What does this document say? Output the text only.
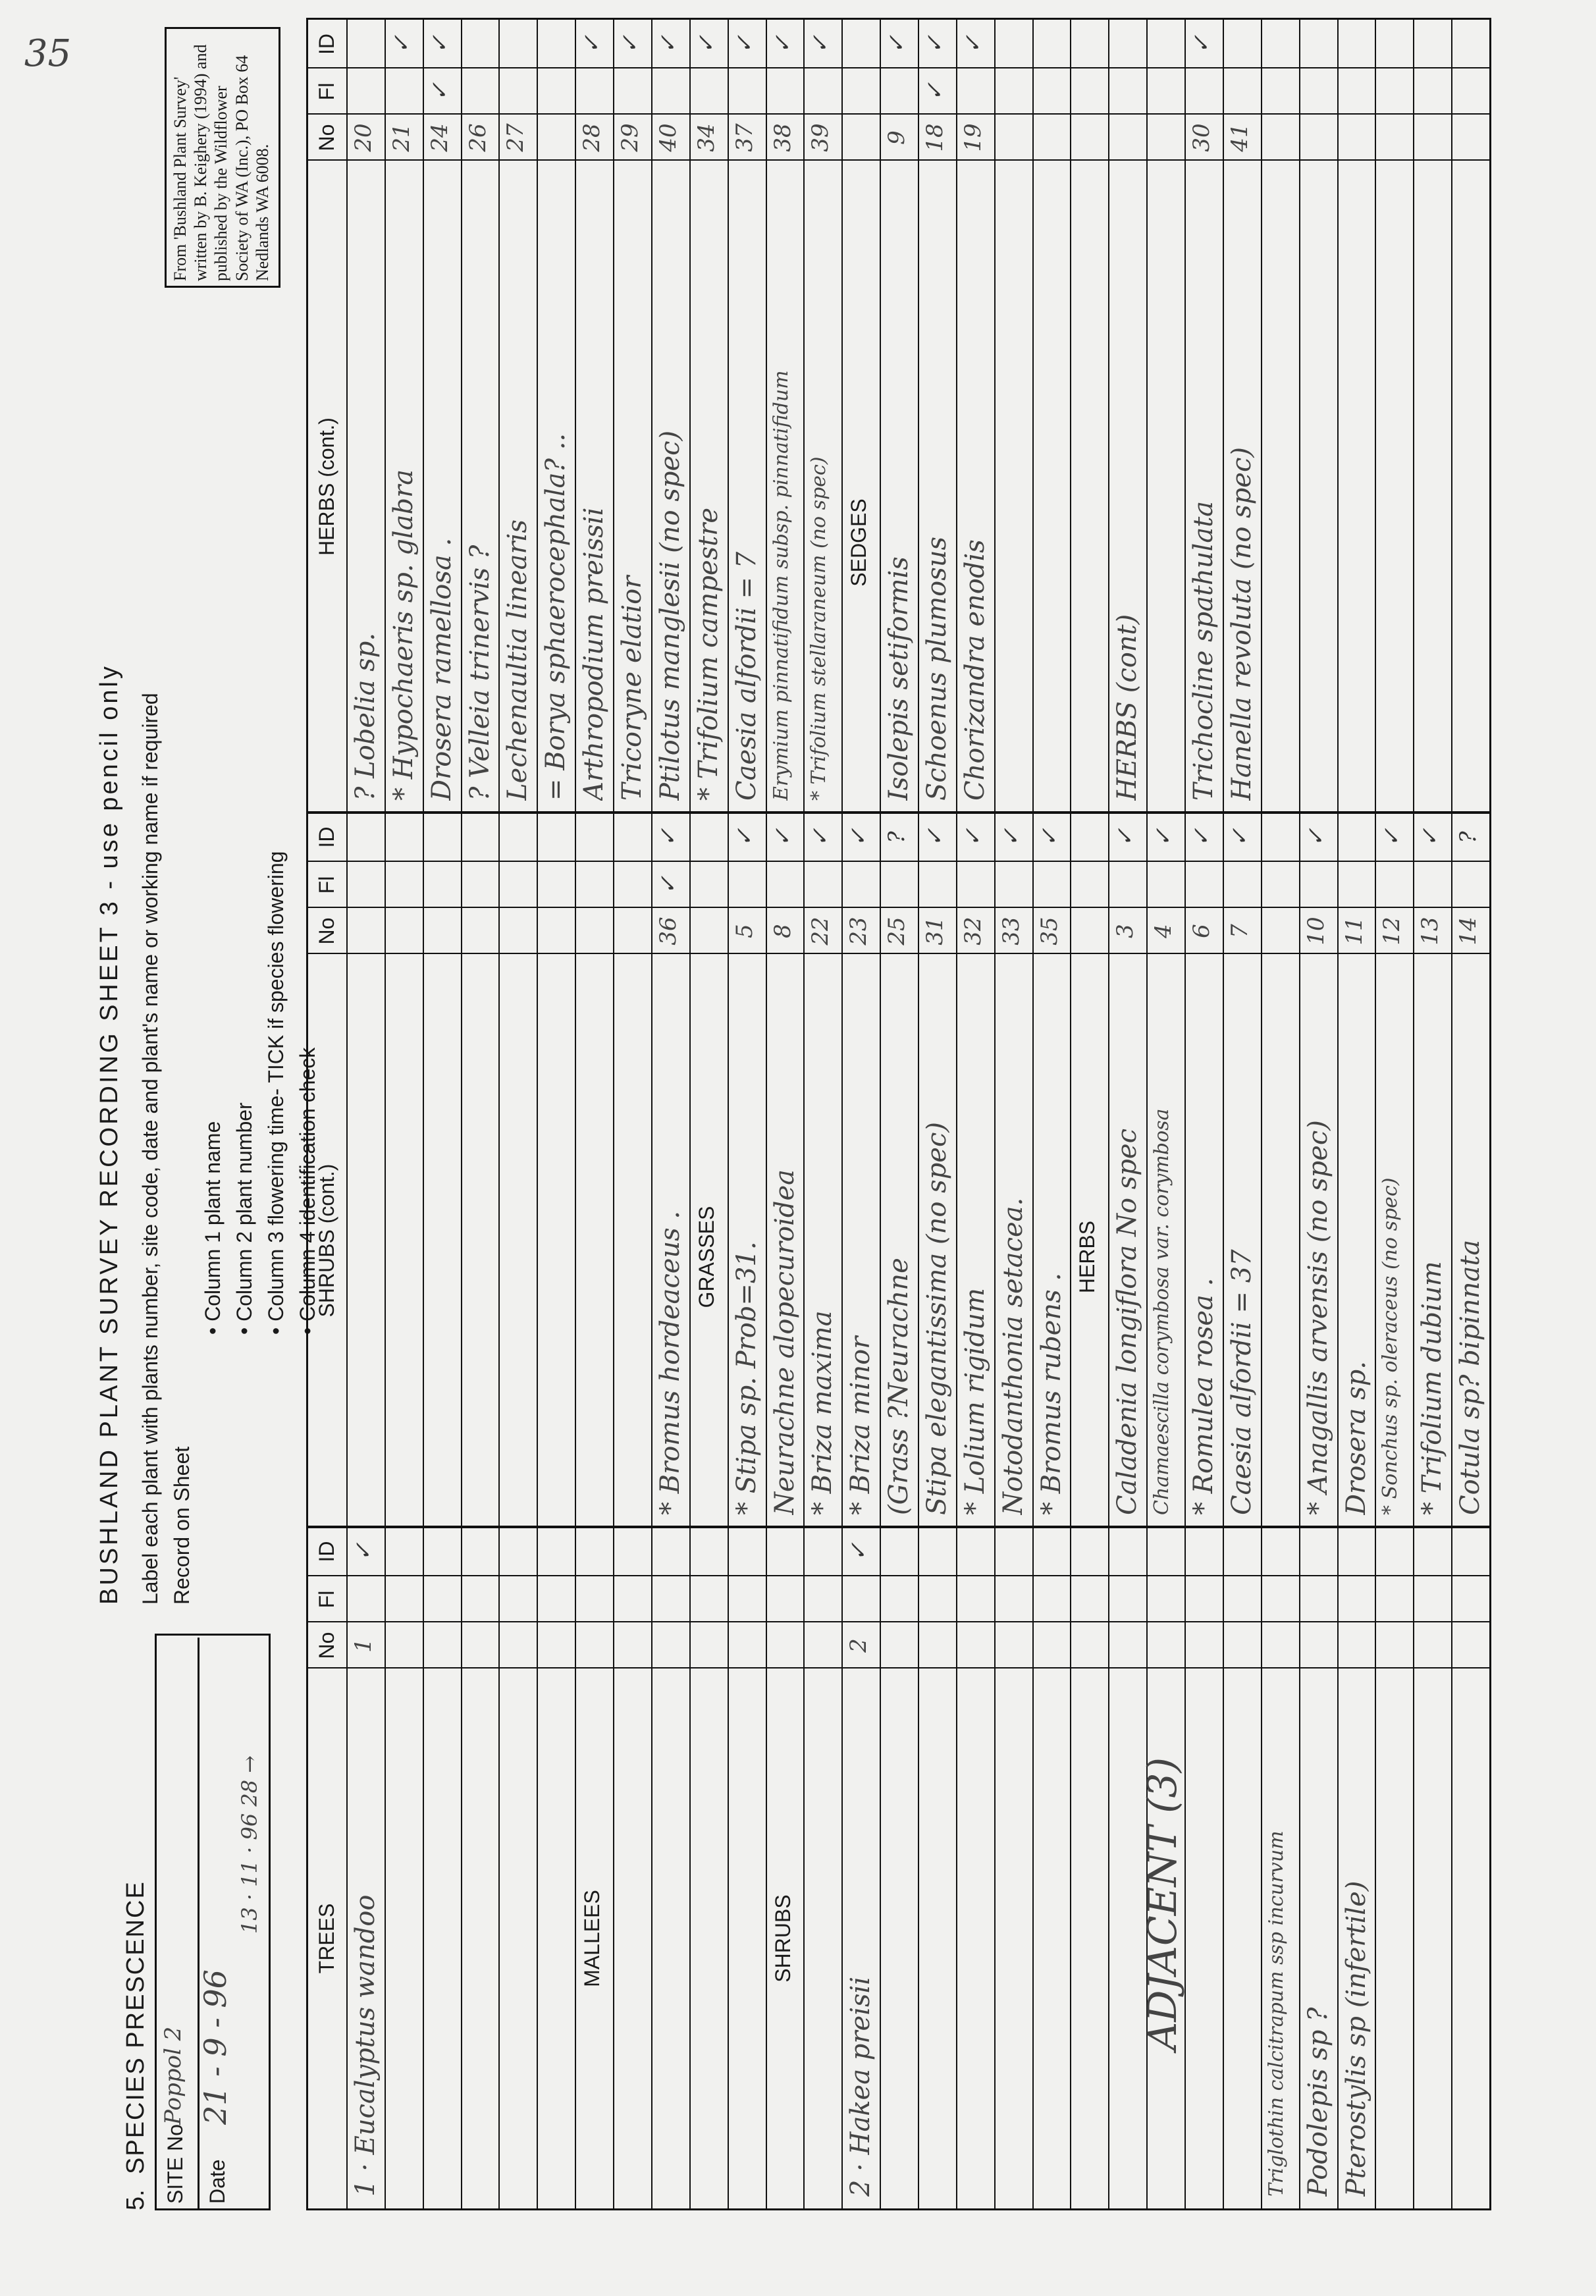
35
5.
SPECIES PRESCENCE
BUSHLAND PLANT SURVEY RECORDING SHEET 3 - use pencil only Label each plant with plants number, site code, date and plant's name or working name if required Record on Sheet
• Column 1 plant name • Column 2 plant number • Column 3 flowering time- TICK if species flowering • Column 4 identification check
SITE No
Poppol 2
Date
21 - 9 - 96
13 · 11 · 96 28 →
From 'Bushland Plant Survey' written by B. Keighery (1994) and published by the Wildflower Society of WA (Inc.), PO Box 64 Nedlands WA 6008.
TREES
No
Fl
ID
1 · Eucalyptus wandoo
1
✓
2 · Hakea preisii
2
✓
Triglothin calcitrapum ssp incurvum Podolepis sp ? Pterostylis sp (infertile)
SHRUBS (cont.)
No
Fl
ID
* Bromus hordeaceus .
36
✓
✓
* Stipa sp. Prob=31.
5
✓
Neurachne alopecuroidea
8
✓
* Briza maxima
22
✓
* Briza minor
23
✓
(Grass ?Neurachne
25
?
Stipa elegantissima (no spec)
31
✓
* Lolium rigidum
32
✓
Notodanthonia setacea.
33
✓
* Bromus rubens .
35
✓
Caladenia longiflora No spec
3
✓
Chamaescilla corymbosa var. corymbosa
4
✓
* Romulea rosea .
6
✓
Caesia alfordii = 37
7
✓
* Anagallis arvensis (no spec)
10
✓
Drosera sp.
11
* Sonchus sp. oleraceus (no spec)
12
✓
* Trifolium dubium
13
✓
Cotula sp? bipinnata
14
?
HERBS (cont.)
No
Fl
ID
? Lobelia sp.
20
* Hypochaeris sp. glabra
21
✓
Drosera ramellosa .
24
✓
✓
? Velleia trinervis ?
26
Lechenaultia linearis
27
= Borya sphaerocephala? .. Arthropodium preissii
28
✓
Tricoryne elatior
29
✓
Ptilotus manglesii (no spec)
40
✓
* Trifolium campestre
34
✓
Caesia alfordii = 7
37
✓
Erymium pinnatifidum subsp. pinnatifidum
38
✓
* Trifolium stellaraneum (no spec)
39
✓
Isolepis setiformis
9
✓
Schoenus plumosus
18
✓
✓
Chorizandra enodis
19
✓
HERBS (cont) Trichocline spathulata
30
✓
Hanella revoluta (no spec)
41
MALLEES	SHRUBS
GRASSES	HERBS
SEDGES
ADJACENT (3)
